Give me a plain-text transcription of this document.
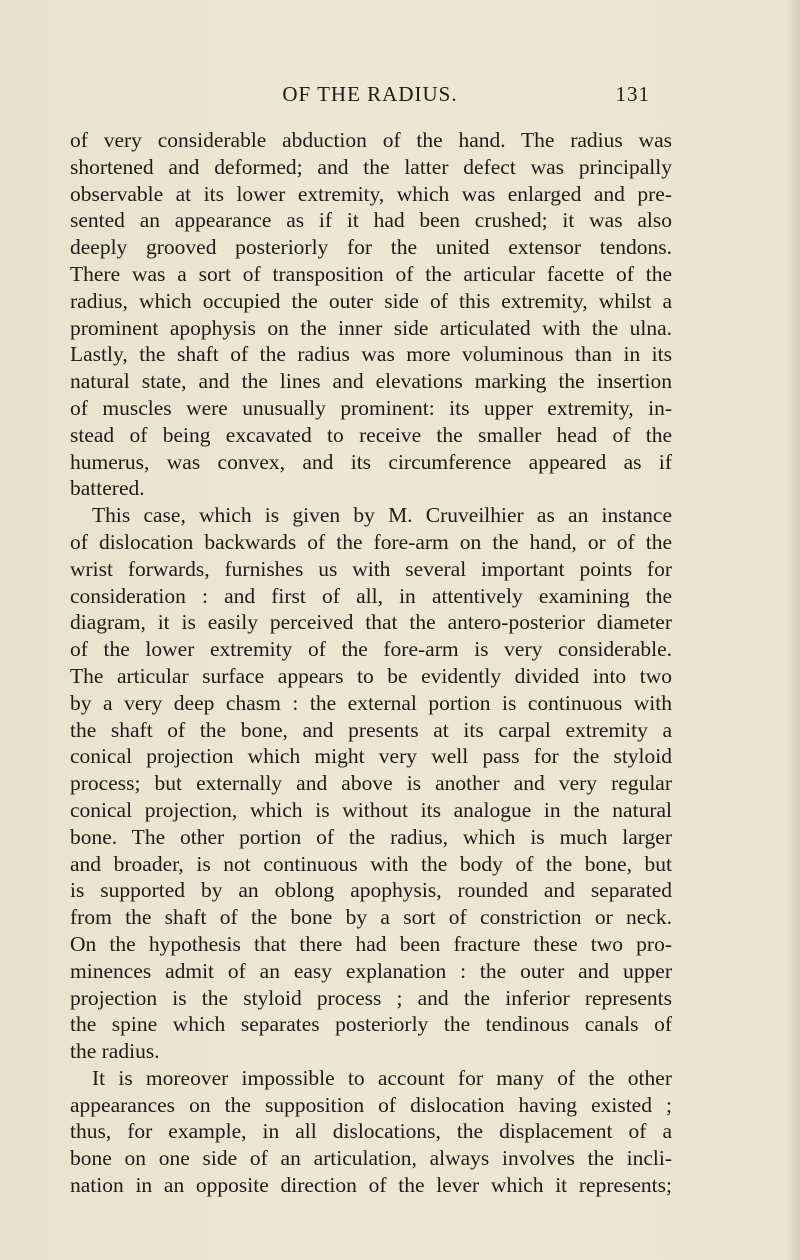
OF THE RADIUS.	131
of very considerable abduction of the hand. The radius was
shortened and deformed; and the latter defect was principally
observable at its lower extremity, which was enlarged and pre-
sented an appearance as if it had been crushed; it was also
deeply grooved posteriorly for the united extensor tendons.
There was a sort of transposition of the articular facette of the
radius, which occupied the outer side of this extremity, whilst a
prominent apophysis on the inner side articulated with the ulna.
Lastly, the shaft of the radius was more voluminous than in its
natural state, and the lines and elevations marking the insertion
of muscles were unusually prominent: its upper extremity, in-
stead of being excavated to receive the smaller head of the
humerus, was convex, and its circumference appeared as if
battered.
This case, which is given by M. Cruveilhier as an instance
of dislocation backwards of the fore-arm on the hand, or of the
wrist forwards, furnishes us with several important points for
consideration : and first of all, in attentively examining the
diagram, it is easily perceived that the antero-posterior diameter
of the lower extremity of the fore-arm is very considerable.
The articular surface appears to be evidently divided into two
by a very deep chasm : the external portion is continuous with
the shaft of the bone, and presents at its carpal extremity a
conical projection which might very well pass for the styloid
process; but externally and above is another and very regular
conical projection, which is without its analogue in the natural
bone. The other portion of the radius, which is much larger
and broader, is not continuous with the body of the bone, but
is supported by an oblong apophysis, rounded and separated
from the shaft of the bone by a sort of constriction or neck.
On the hypothesis that there had been fracture these two pro-
minences admit of an easy explanation : the outer and upper
projection is the styloid process ; and the inferior represents
the spine which separates posteriorly the tendinous canals of
the radius.
It is moreover impossible to account for many of the other
appearances on the supposition of dislocation having existed ;
thus, for example, in all dislocations, the displacement of a
bone on one side of an articulation, always involves the incli-
nation in an opposite direction of the lever which it represents;
